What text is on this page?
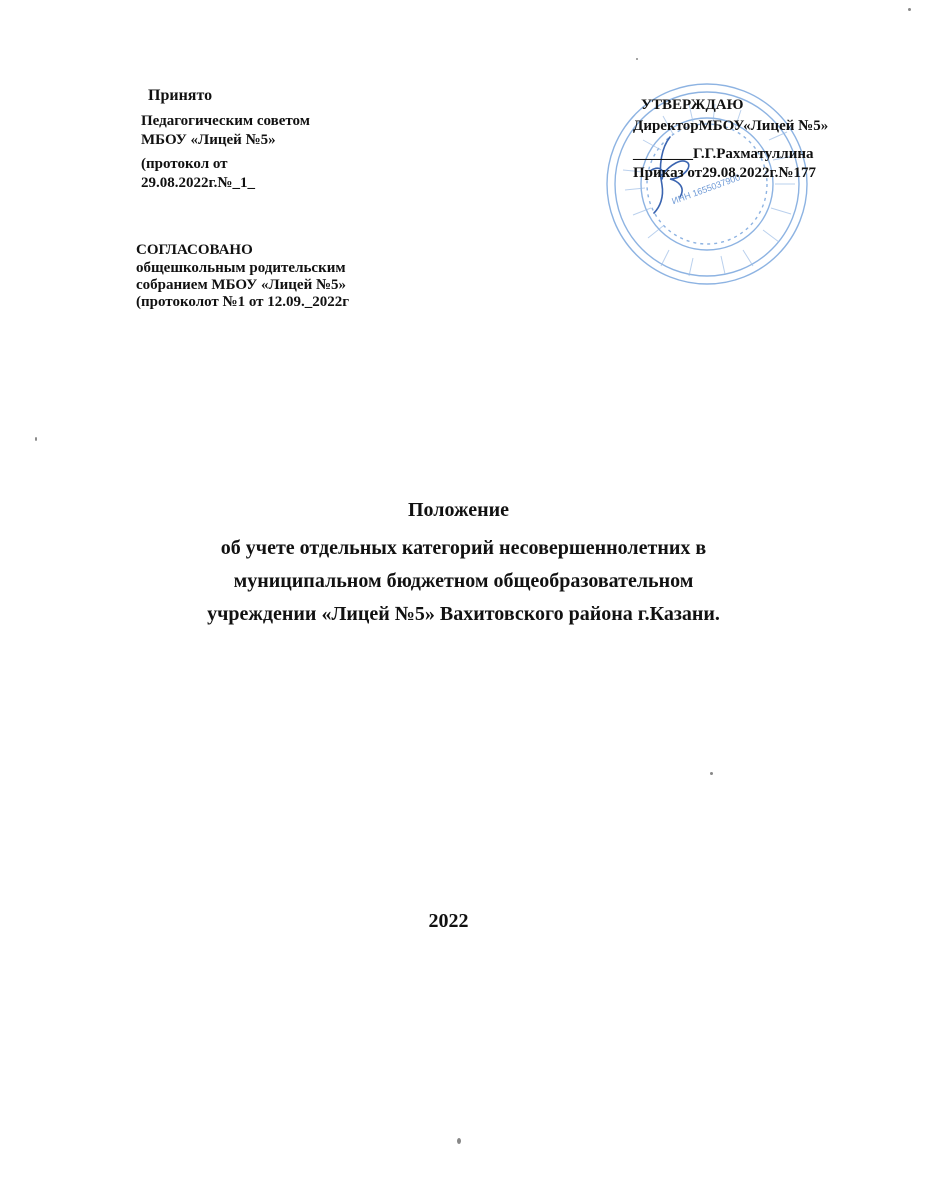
ИНН 1655037900
Принято
Педагогическим советом
МБОУ «Лицей №5»
(протокол от
29.08.2022г.№_1_
СОГЛАСОВАНО
общешкольным родительским
собранием МБОУ «Лицей №5»
(протоколот №1 от 12.09._2022г
УТВЕРЖДАЮ
ДиректорМБОУ«Лицей №5»
________Г.Г.Рахматуллина
Приказ от29.08.2022г.№177
Положение
об учете отдельных категорий несовершеннолетних в
муниципальном бюджетном общеобразовательном
учреждении «Лицей №5» Вахитовского района г.Казани.
2022
